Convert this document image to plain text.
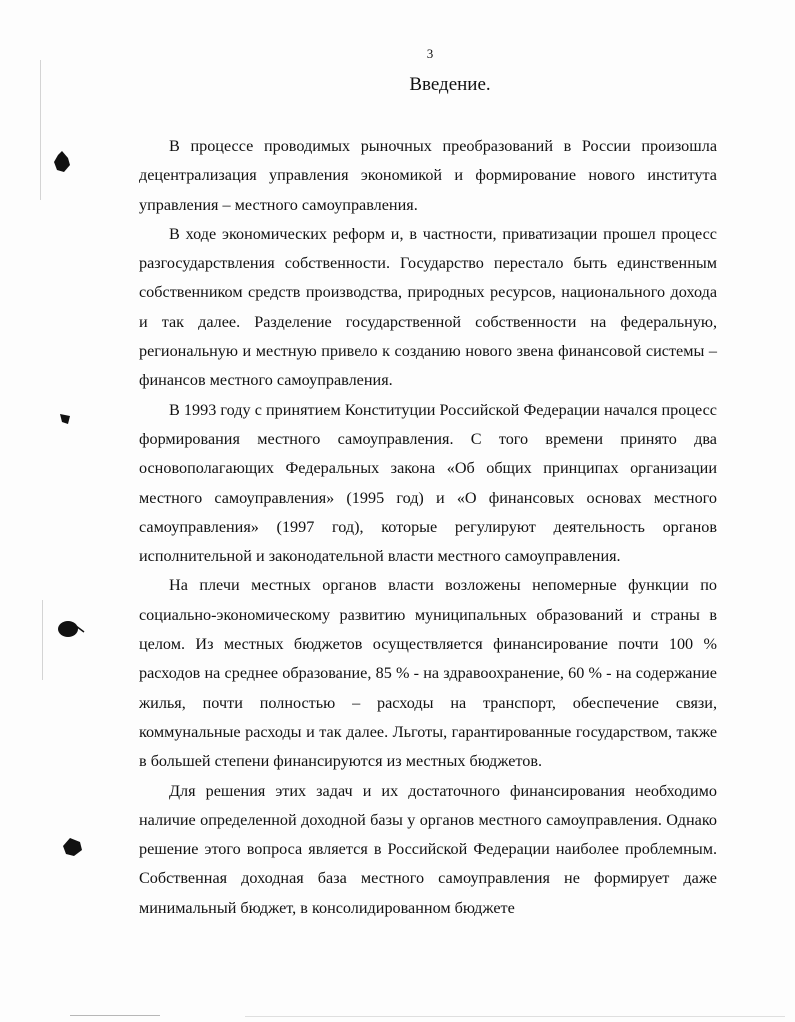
3
Введение.

В процессе проводимых рыночных преобразований в России произошла децентрализация управления экономикой и формирование нового института управления – местного самоуправления.

В ходе экономических реформ и, в частности, приватизации прошел процесс разгосударствления собственности. Государство перестало быть единственным собственником средств производства, природных ресурсов, национального дохода и так далее. Разделение государственной собственности на федеральную, региональную и местную привело к созданию нового звена финансовой системы – финансов местного самоуправления.

В 1993 году с принятием Конституции Российской Федерации начался процесс формирования местного самоуправления. С того времени принято два основополагающих Федеральных закона «Об общих принципах организации местного самоуправления» (1995 год) и «О финансовых основах местного самоуправления» (1997 год), которые регулируют деятельность органов исполнительной и законодательной власти местного самоуправления.

На плечи местных органов власти возложены непомерные функции по социально-экономическому развитию муниципальных образований и страны в целом. Из местных бюджетов осуществляется финансирование почти 100 % расходов на среднее образование, 85 % - на здравоохранение, 60 % - на содержание жилья, почти полностью – расходы на транспорт, обеспечение связи, коммунальные расходы и так далее. Льготы, гарантированные государством, также в большей степени финансируются из местных бюджетов.

Для решения этих задач и их достаточного финансирования необходимо наличие определенной доходной базы у органов местного самоуправления. Однако решение этого вопроса является в Российской Федерации наиболее проблемным. Собственная доходная база местного самоуправления не формирует даже минимальный бюджет, в консолидированном бюджете
